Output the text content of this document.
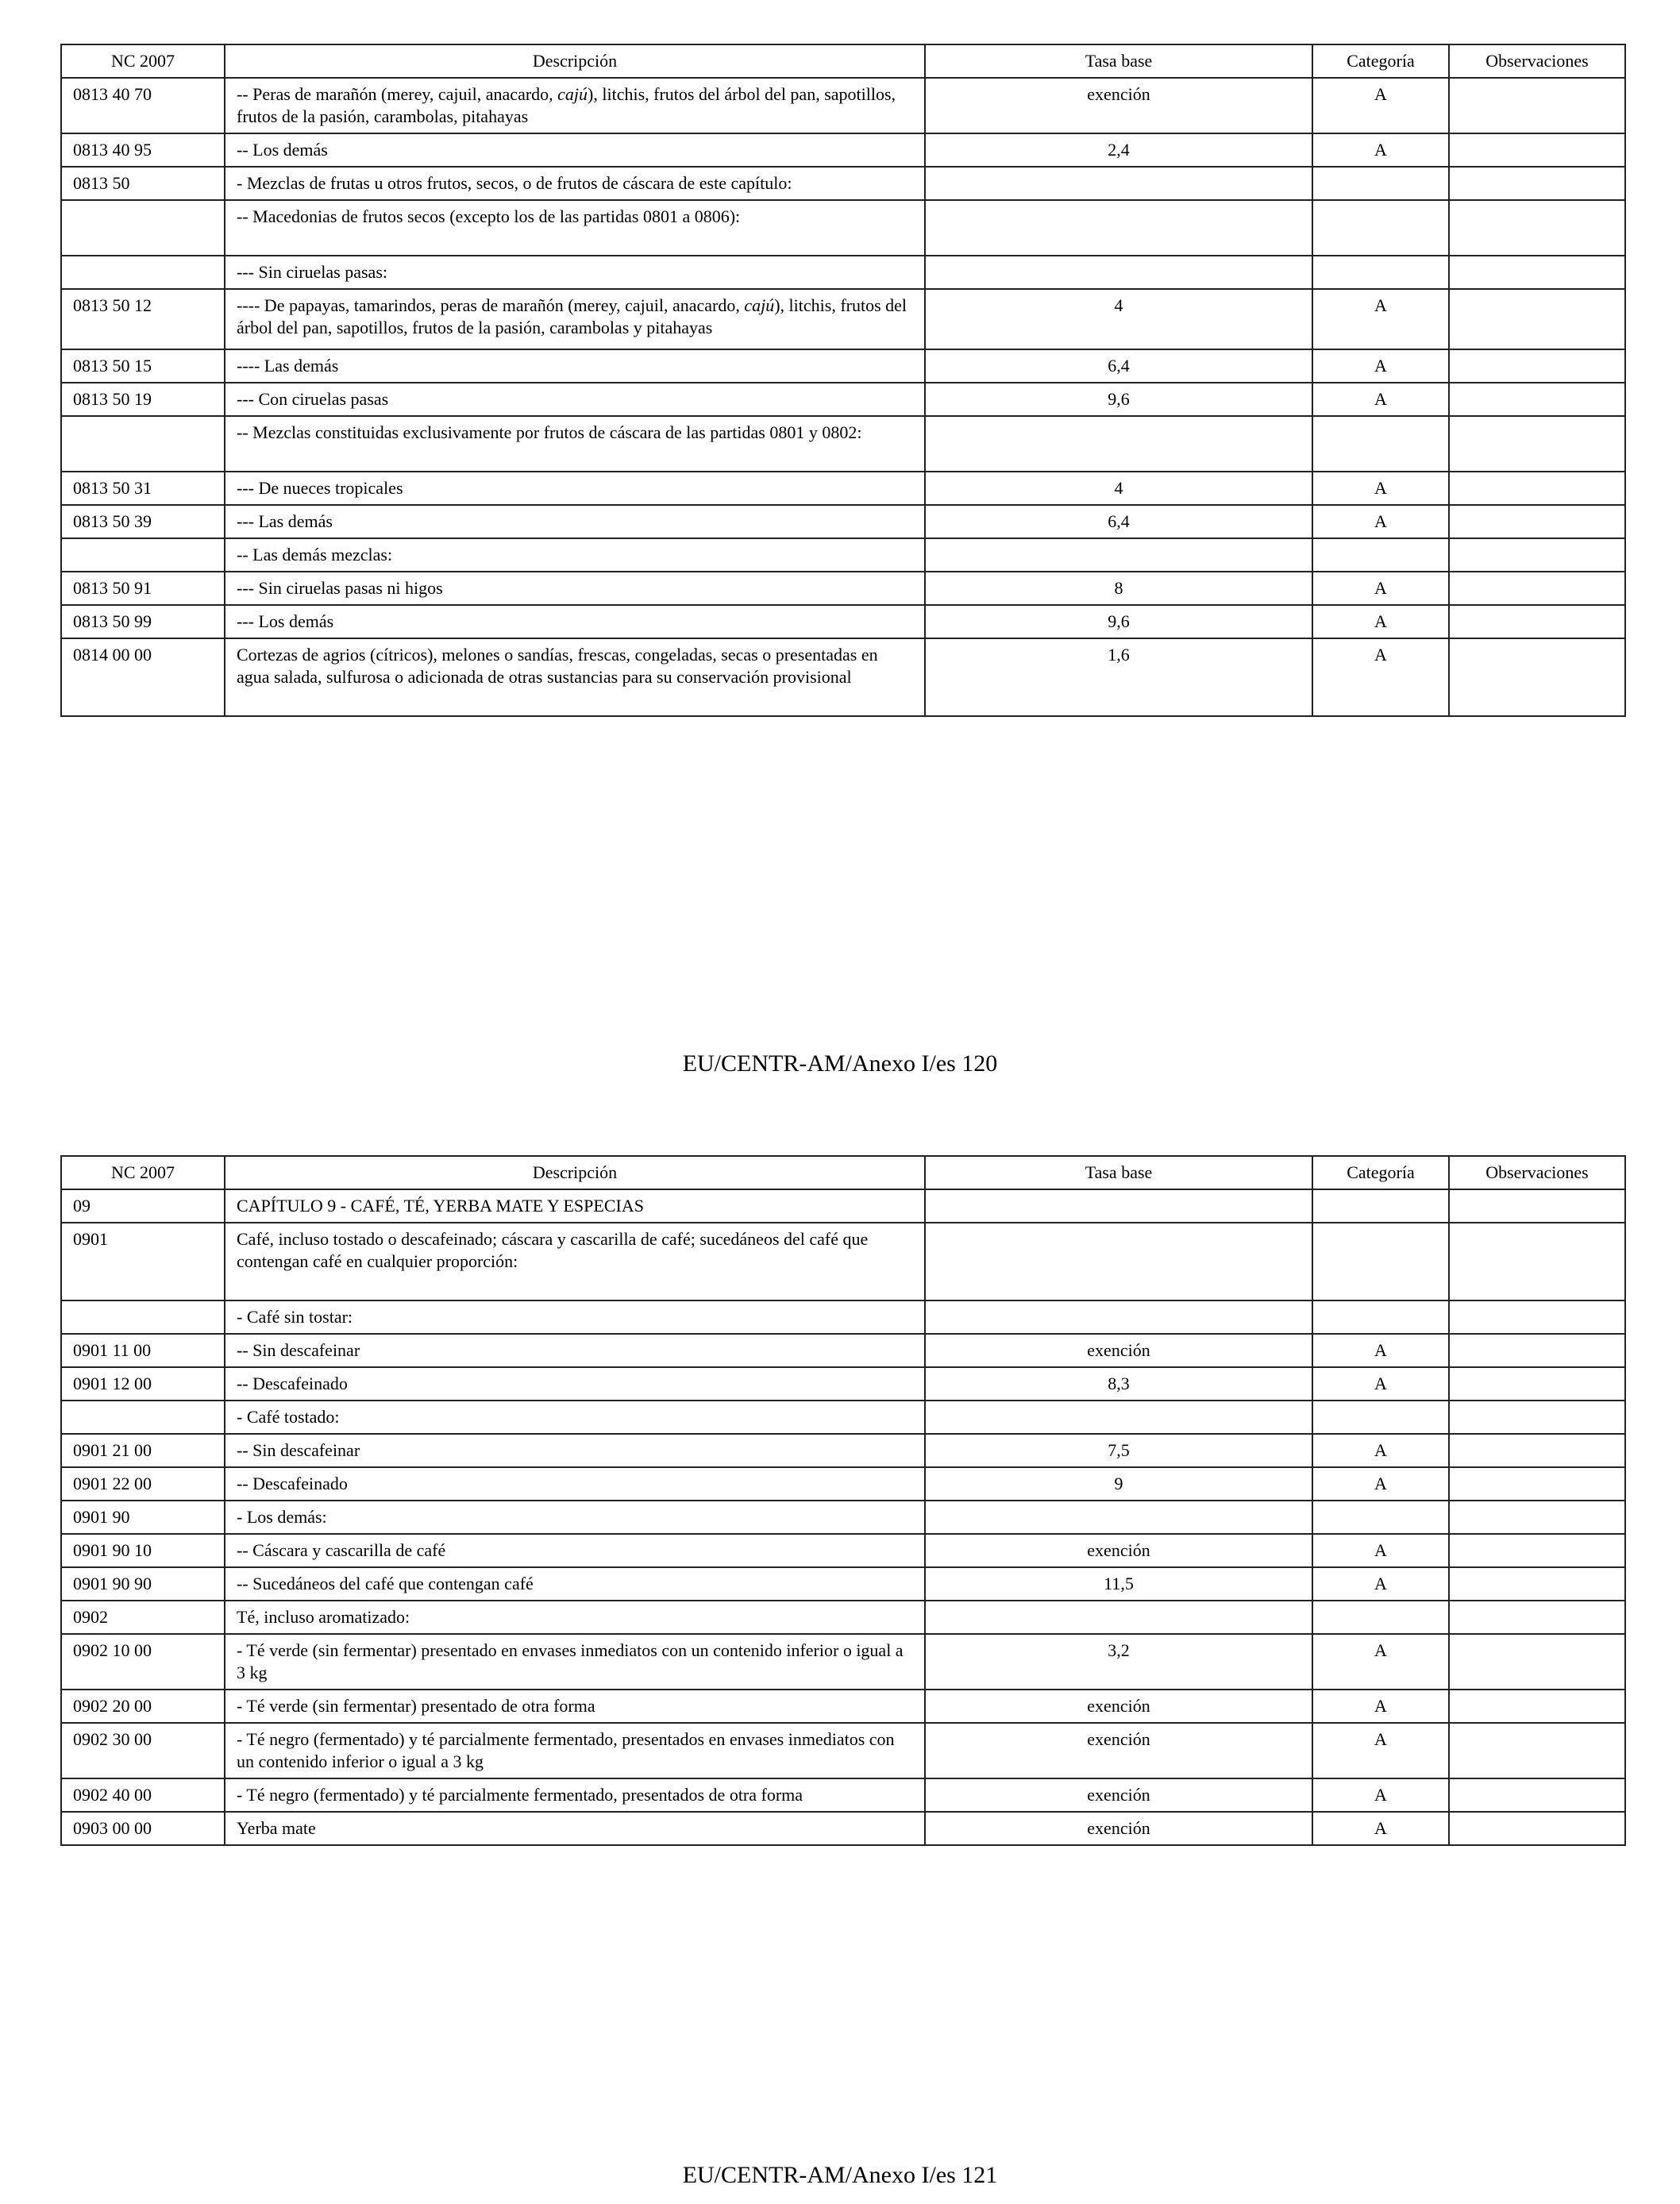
NC 2007	Descripción	Tasa base	Categoría	Observaciones
0813 40 70	-- Peras de marañón (merey, cajuil, anacardo, cajú), litchis, frutos del árbol del pan, sapotillos, frutos de la pasión, carambolas, pitahayas	exención	A	
0813 40 95	-- Los demás	2,4	A	
0813 50	- Mezclas de frutas u otros frutos, secos, o de frutos de cáscara de este capítulo:			
	-- Macedonias de frutos secos (excepto los de las partidas 0801 a 0806):			
	--- Sin ciruelas pasas:			
0813 50 12	---- De papayas, tamarindos, peras de marañón (merey, cajuil, anacardo, cajú), litchis, frutos del árbol del pan, sapotillos, frutos de la pasión, carambolas y pitahayas	4	A	
0813 50 15	---- Las demás	6,4	A	
0813 50 19	--- Con ciruelas pasas	9,6	A	
	-- Mezclas constituidas exclusivamente por frutos de cáscara de las partidas 0801 y 0802:			
0813 50 31	--- De nueces tropicales	4	A	
0813 50 39	--- Las demás	6,4	A	
	-- Las demás mezclas:			
0813 50 91	--- Sin ciruelas pasas ni higos	8	A	
0813 50 99	--- Los demás	9,6	A	
0814 00 00	Cortezas de agrios (cítricos), melones o sandías, frescas, congeladas, secas o presentadas en agua salada, sulfurosa o adicionada de otras sustancias para su conservación provisional	1,6	A	
EU/CENTR-AM/Anexo I/es 120
NC 2007	Descripción	Tasa base	Categoría	Observaciones
09	CAPÍTULO 9 - CAFÉ, TÉ, YERBA MATE Y ESPECIAS			
0901	Café, incluso tostado o descafeinado; cáscara y cascarilla de café; sucedáneos del café que contengan café en cualquier proporción:			
	- Café sin tostar:			
0901 11 00	-- Sin descafeinar	exención	A	
0901 12 00	-- Descafeinado	8,3	A	
	- Café tostado:			
0901 21 00	-- Sin descafeinar	7,5	A	
0901 22 00	-- Descafeinado	9	A	
0901 90	- Los demás:			
0901 90 10	-- Cáscara y cascarilla de café	exención	A	
0901 90 90	-- Sucedáneos del café que contengan café	11,5	A	
0902	Té, incluso aromatizado:			
0902 10 00	- Té verde (sin fermentar) presentado en envases inmediatos con un contenido inferior o igual a 3 kg	3,2	A	
0902 20 00	- Té verde (sin fermentar) presentado de otra forma	exención	A	
0902 30 00	- Té negro (fermentado) y té parcialmente fermentado, presentados en envases inmediatos con un contenido inferior o igual a 3 kg	exención	A	
0902 40 00	- Té negro (fermentado) y té parcialmente fermentado, presentados de otra forma	exención	A	
0903 00 00	Yerba mate	exención	A	
EU/CENTR-AM/Anexo I/es 121
